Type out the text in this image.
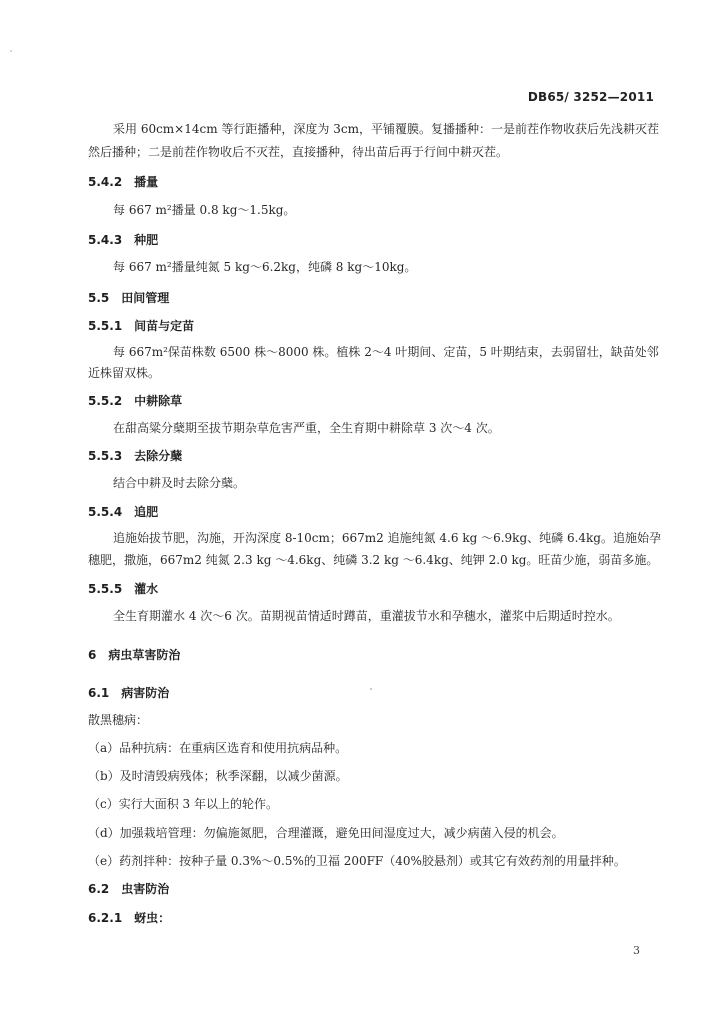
DB65/ 3252—2011
采用 60cm×14cm 等行距播种，深度为 3cm，平铺覆膜。复播播种：一是前茬作物收获后先浅耕灭茬
然后播种；二是前茬作物收后不灭茬，直接播种，待出苗后再于行间中耕灭茬。
5.4.2 播量
每 667 m²播量 0.8 kg～1.5kg。
5.4.3 种肥
每 667 m²播量纯氮 5 kg～6.2kg，纯磷 8 kg～10kg。
5.5 田间管理
5.5.1 间苗与定苗
每 667m²保苗株数 6500 株～8000 株。植株 2～4 叶期间、定苗，5 叶期结束，去弱留壮，缺苗处邻
近株留双株。
5.5.2 中耕除草
在甜高粱分蘖期至拔节期杂草危害严重，全生育期中耕除草 3 次～4 次。
5.5.3 去除分蘖
结合中耕及时去除分蘖。
5.5.4 追肥
追施始拔节肥，沟施，开沟深度 8-10cm；667m2 追施纯氮 4.6 kg ～6.9kg、纯磷 6.4kg。追施始孕
穗肥，撒施，667m2 纯氮 2.3 kg ～4.6kg、纯磷 3.2 kg ～6.4kg、纯钾 2.0 kg。旺苗少施，弱苗多施。
5.5.5 灌水
全生育期灌水 4 次～6 次。苗期视苗情适时蹲苗，重灌拔节水和孕穗水，灌浆中后期适时控水。
6 病虫草害防治
6.1 病害防治
散黑穗病：
（a）品种抗病：在重病区选育和使用抗病品种。
（b）及时清毁病残体；秋季深翻，以减少菌源。
（c）实行大面积 3 年以上的轮作。
（d）加强栽培管理：勿偏施氮肥，合理灌溉，避免田间湿度过大，减少病菌入侵的机会。
（e）药剂拌种：按种子量 0.3%～0.5%的卫福 200FF（40%胶悬剂）或其它有效药剂的用量拌种。
6.2 虫害防治
6.2.1 蚜虫：
3
